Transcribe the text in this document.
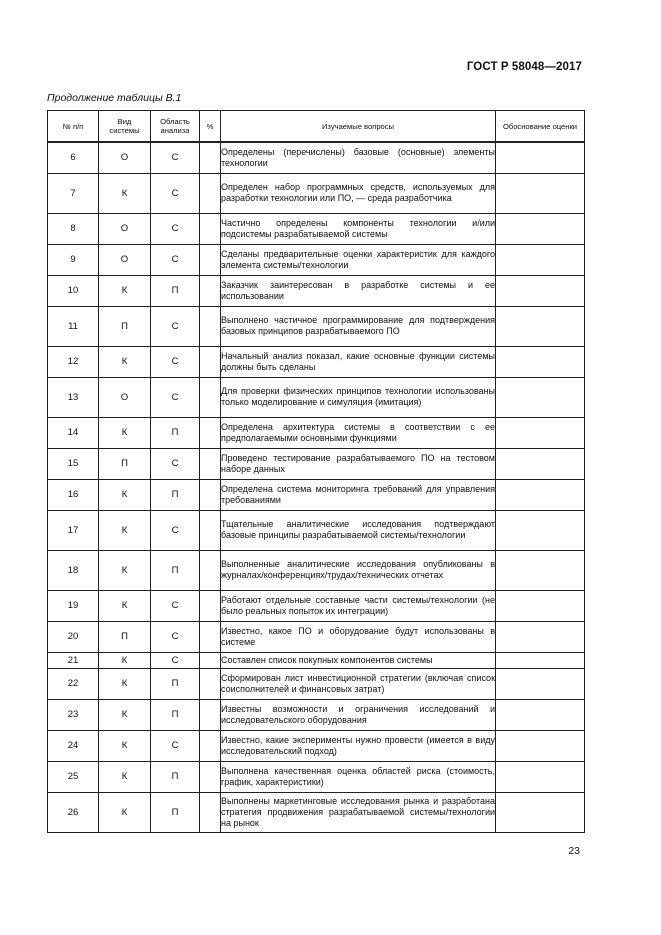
ГОСТ Р 58048—2017
Продолжение таблицы В.1
№ п/п	Вид системы	Область анализа	%	Изучаемые вопросы	Обоснование оценки
6	О	С		Определены (перечислены) базовые (основные) элементы технологии	
7	К	С		Определен набор программных средств, используемых для разработки технологии или ПО, — среда разработчика	
8	О	С		Частично определены компоненты технологии и/или подсистемы разрабатываемой системы	
9	О	С		Сделаны предварительные оценки характеристик для каждого элемента системы/технологии	
10	К	П		Заказчик заинтересован в разработке системы и ее использовании	
11	П	С		Выполнено частичное программирование для подтверждения базовых принципов разрабатываемого ПО	
12	К	С		Начальный анализ показал, какие основные функции системы должны быть сделаны	
13	О	С		Для проверки физических принципов технологии использованы только моделирование и симуляция (имитация)	
14	К	П		Определена архитектура системы в соответствии с ее предполагаемыми основными функциями	
15	П	С		Проведено тестирование разрабатываемого ПО на тестовом наборе данных	
16	К	П		Определена система мониторинга требований для управления требованиями	
17	К	С		Тщательные аналитические исследования подтверждают базовые принципы разрабатываемой системы/технологии	
18	К	П		Выполненные аналитические исследования опубликованы в журналах/конференциях/трудах/технических отчетах	
19	К	С		Работают отдельные составные части системы/технологии (не было реальных попыток их интеграции)	
20	П	С		Известно, какое ПО и оборудование будут использованы в системе	
21	К	С		Составлен список покупных компонентов системы	
22	К	П		Сформирован лист инвестиционной стратегии (включая список соисполнителей и финансовых затрат)	
23	К	П		Известны возможности и ограничения исследований и исследовательского оборудования	
24	К	С		Известно, какие эксперименты нужно провести (имеется в виду исследовательский подход)	
25	К	П		Выполнена качественная оценка областей риска (стоимость, график, характеристики)	
26	К	П		Выполнены маркетинговые исследования рынка и разработана стратегия продвижения разрабатываемой системы/технологии на рынок	
23
